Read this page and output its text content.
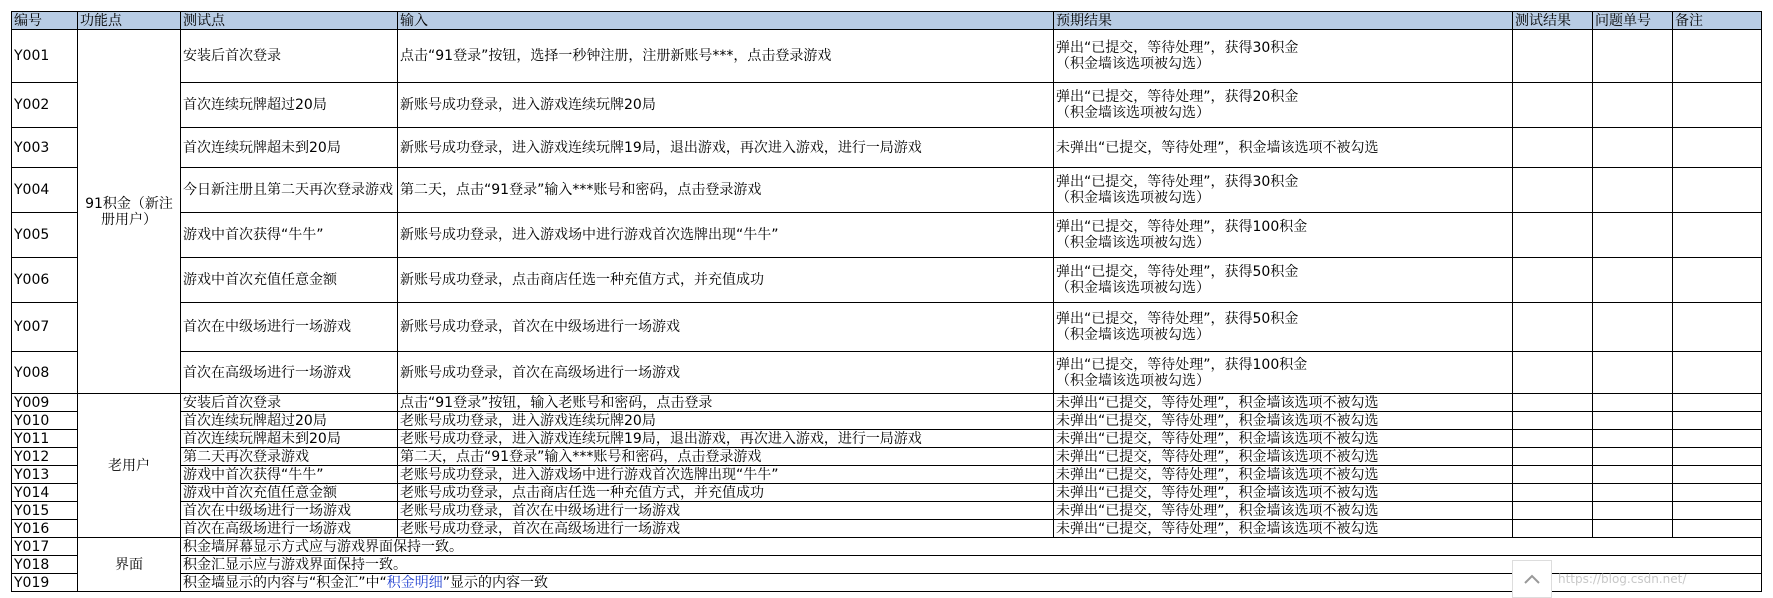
编号	功能点	测试点	输入	预期结果	测试结果	问题单号	备注
Y001	91积金（新注册用户）	安装后首次登录	点击“91登录”按钮，选择一秒钟注册，注册新账号***，点击登录游戏	弹出“已提交，等待处理”，获得30积金
（积金墙该选项被勾选）			
Y002		首次连续玩牌超过20局	新账号成功登录，进入游戏连续玩牌20局	弹出“已提交，等待处理”，获得20积金
（积金墙该选项被勾选）			
Y003		首次连续玩牌超未到20局	新账号成功登录，进入游戏连续玩牌19局，退出游戏，再次进入游戏，进行一局游戏	未弹出“已提交，等待处理”，积金墙该选项不被勾选			
Y004		今日新注册且第二天再次登录游戏	第二天，点击“91登录”输入***账号和密码，点击登录游戏	弹出“已提交，等待处理”，获得30积金
（积金墙该选项被勾选）			
Y005		游戏中首次获得“牛牛”	新账号成功登录，进入游戏场中进行游戏首次选牌出现“牛牛”	弹出“已提交，等待处理”，获得100积金
（积金墙该选项被勾选）			
Y006		游戏中首次充值任意金额	新账号成功登录，点击商店任选一种充值方式，并充值成功	弹出“已提交，等待处理”，获得50积金
（积金墙该选项被勾选）			
Y007		首次在中级场进行一场游戏	新账号成功登录，首次在中级场进行一场游戏	弹出“已提交，等待处理”，获得50积金
（积金墙该选项被勾选）			
Y008		首次在高级场进行一场游戏	新账号成功登录，首次在高级场进行一场游戏	弹出“已提交，等待处理”，获得100积金
（积金墙该选项被勾选）			
Y009	老用户	安装后首次登录	点击“91登录”按钮，输入老账号和密码，点击登录	未弹出“已提交，等待处理”，积金墙该选项不被勾选			
Y010		首次连续玩牌超过20局	老账号成功登录，进入游戏连续玩牌20局	未弹出“已提交，等待处理”，积金墙该选项不被勾选			
Y011		首次连续玩牌超未到20局	老账号成功登录，进入游戏连续玩牌19局，退出游戏，再次进入游戏，进行一局游戏	未弹出“已提交，等待处理”，积金墙该选项不被勾选			
Y012		第二天再次登录游戏	第二天，点击“91登录”输入***账号和密码，点击登录游戏	未弹出“已提交，等待处理”，积金墙该选项不被勾选			
Y013		游戏中首次获得“牛牛”	老账号成功登录，进入游戏场中进行游戏首次选牌出现“牛牛”	未弹出“已提交，等待处理”，积金墙该选项不被勾选			
Y014		游戏中首次充值任意金额	老账号成功登录，点击商店任选一种充值方式，并充值成功	未弹出“已提交，等待处理”，积金墙该选项不被勾选			
Y015		首次在中级场进行一场游戏	老账号成功登录，首次在中级场进行一场游戏	未弹出“已提交，等待处理”，积金墙该选项不被勾选			
Y016		首次在高级场进行一场游戏	老账号成功登录，首次在高级场进行一场游戏	未弹出“已提交，等待处理”，积金墙该选项不被勾选			
Y017	界面	积金墙屏幕显示方式应与游戏界面保持一致。					
Y018		积金汇显示应与游戏界面保持一致。					
Y019		积金墙显示的内容与“积金汇”中“积金明细”显示的内容一致						https://blog.csdn.net/
